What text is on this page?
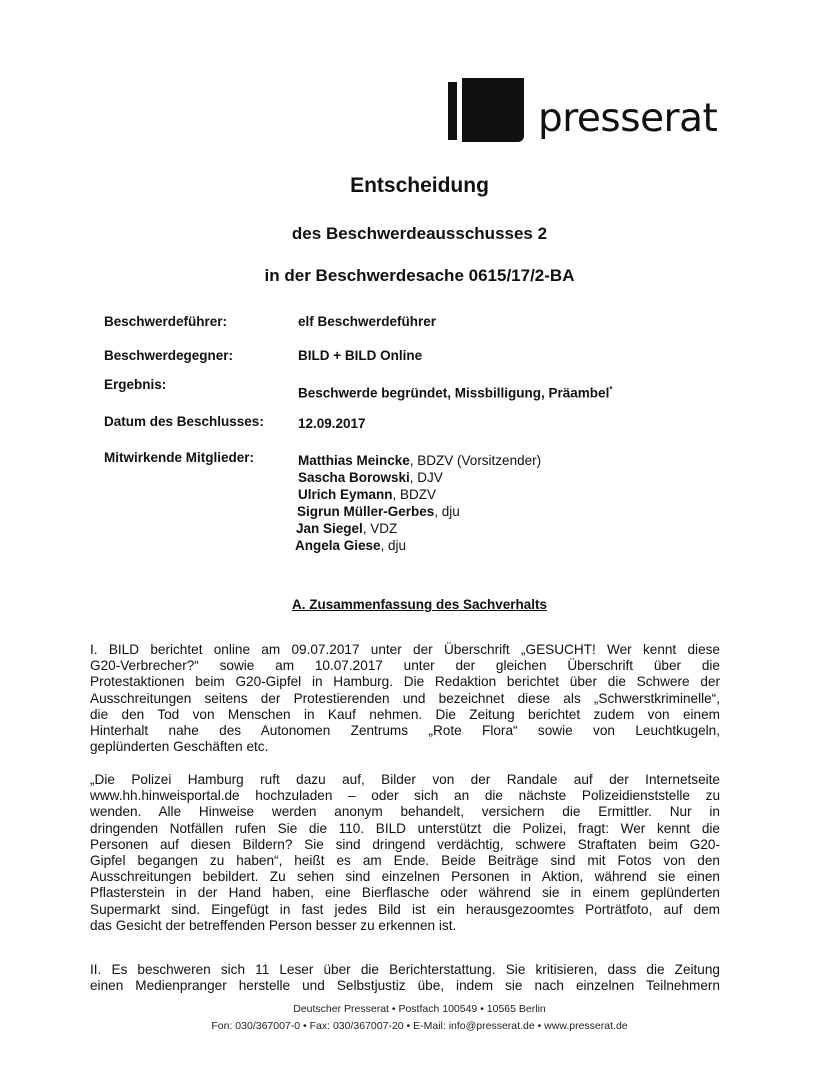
presserat
Entscheidung
des Beschwerdeausschusses 2
in der Beschwerdesache 0615/17/2-BA
Beschwerdeführer:	elf Beschwerdeführer
Beschwerdegegner:	BILD + BILD Online
Ergebnis:
Beschwerde begründet, Missbilligung, Präambel*
Datum des Beschlusses:	12.09.2017
Mitwirkende Mitglieder:	Matthias Meincke, BDZV (Vorsitzender)
Sascha Borowski, DJV
Ulrich Eymann, BDZV
Sigrun Müller-Gerbes, dju
Jan Siegel, VDZ
Angela Giese, dju
A. Zusammenfassung des Sachverhalts
I. BILD berichtet online am 09.07.2017 unter der Überschrift „GESUCHT! Wer kennt diese
G20-Verbrecher?“ sowie am 10.07.2017 unter der gleichen Überschrift über die
Protestaktionen beim G20-Gipfel in Hamburg. Die Redaktion berichtet über die Schwere der
Ausschreitungen seitens der Protestierenden und bezeichnet diese als „Schwerstkriminelle“,
die den Tod von Menschen in Kauf nehmen. Die Zeitung berichtet zudem von einem
Hinterhalt nahe des Autonomen Zentrums „Rote Flora“ sowie von Leuchtkugeln,
geplünderten Geschäften etc.
„Die Polizei Hamburg ruft dazu auf, Bilder von der Randale auf der Internetseite
www.hh.hinweisportal.de hochzuladen – oder sich an die nächste Polizeidienststelle zu
wenden. Alle Hinweise werden anonym behandelt, versichern die Ermittler. Nur in
dringenden Notfällen rufen Sie die 110. BILD unterstützt die Polizei, fragt: Wer kennt die
Personen auf diesen Bildern? Sie sind dringend verdächtig, schwere Straftaten beim G20-
Gipfel begangen zu haben“, heißt es am Ende. Beide Beiträge sind mit Fotos von den
Ausschreitungen bebildert. Zu sehen sind einzelnen Personen in Aktion, während sie einen
Pflasterstein in der Hand haben, eine Bierflasche oder während sie in einem geplünderten
Supermarkt sind. Eingefügt in fast jedes Bild ist ein herausgezoomtes Porträtfoto, auf dem
das Gesicht der betreffenden Person besser zu erkennen ist.
II. Es beschweren sich 11 Leser über die Berichterstattung. Sie kritisieren, dass die Zeitung
einen Medienpranger herstelle und Selbstjustiz übe, indem sie nach einzelnen Teilnehmern
Deutscher Presserat • Postfach 100549 • 10565 Berlin
Fon: 030/367007-0 • Fax: 030/367007-20 • E-Mail: info@presserat.de • www.presserat.de
